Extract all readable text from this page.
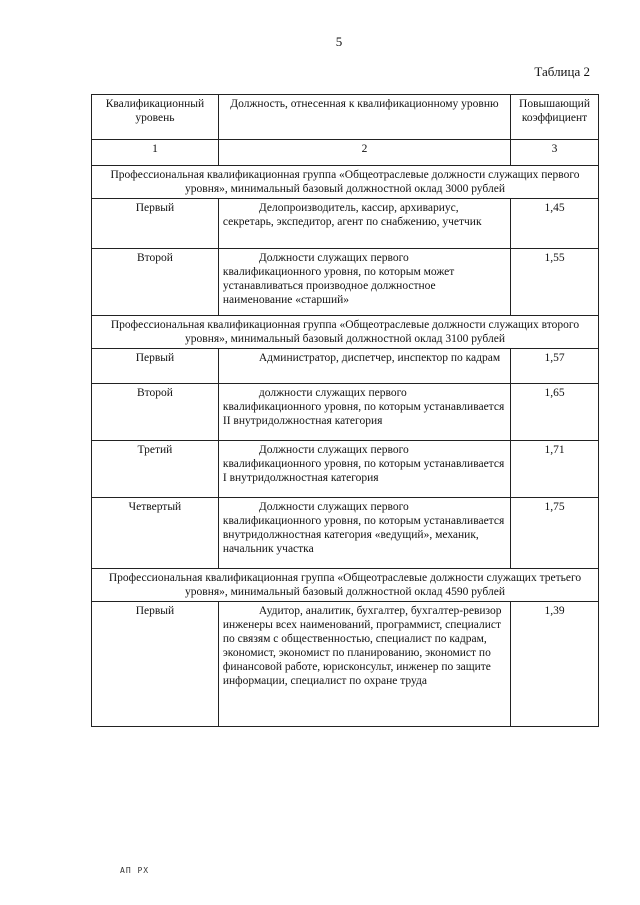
5
Таблица 2
Квалификационный уровень	Должность, отнесенная к квалификационному уровню	Повышающий коэффициент
1	2	3
Профессиональная квалификационная группа «Общеотраслевые должности служащих первого уровня», минимальный базовый должностной оклад 3000 рублей		
Первый	Делопроизводитель, кассир, архивариус, секретарь, экспедитор, агент по снабжению, учетчик	1,45
Второй	Должности служащих первого квалификационного уровня, по которым может устанавливаться производное должностное наименование «старший»	1,55
Профессиональная квалификационная группа «Общеотраслевые должности служащих второго уровня», минимальный базовый должностной оклад 3100 рублей		
Первый	Администратор, диспетчер, инспектор по кадрам	1,57
Второй	должности служащих первого квалификационного уровня, по которым устанавливается II внутридолжностная категория	1,65
Третий	Должности служащих первого квалификационного уровня, по которым устанавливается I внутридолжностная категория	1,71
Четвертый	Должности служащих первого квалификационного уровня, по которым устанавливается внутридолжностная категория «ведущий», механик, начальник участка	1,75
Профессиональная квалификационная группа «Общеотраслевые должности служащих третьего уровня», минимальный базовый должностной оклад 4590 рублей		
Первый	Аудитор, аналитик, бухгалтер, бухгалтер-ревизор инженеры всех наименований, программист, специалист по связям с общественностью, специалист по кадрам, экономист, экономист по планированию, экономист по финансовой работе, юрисконсульт, инженер по защите информации, специалист по охране труда	1,39
АП РХ
